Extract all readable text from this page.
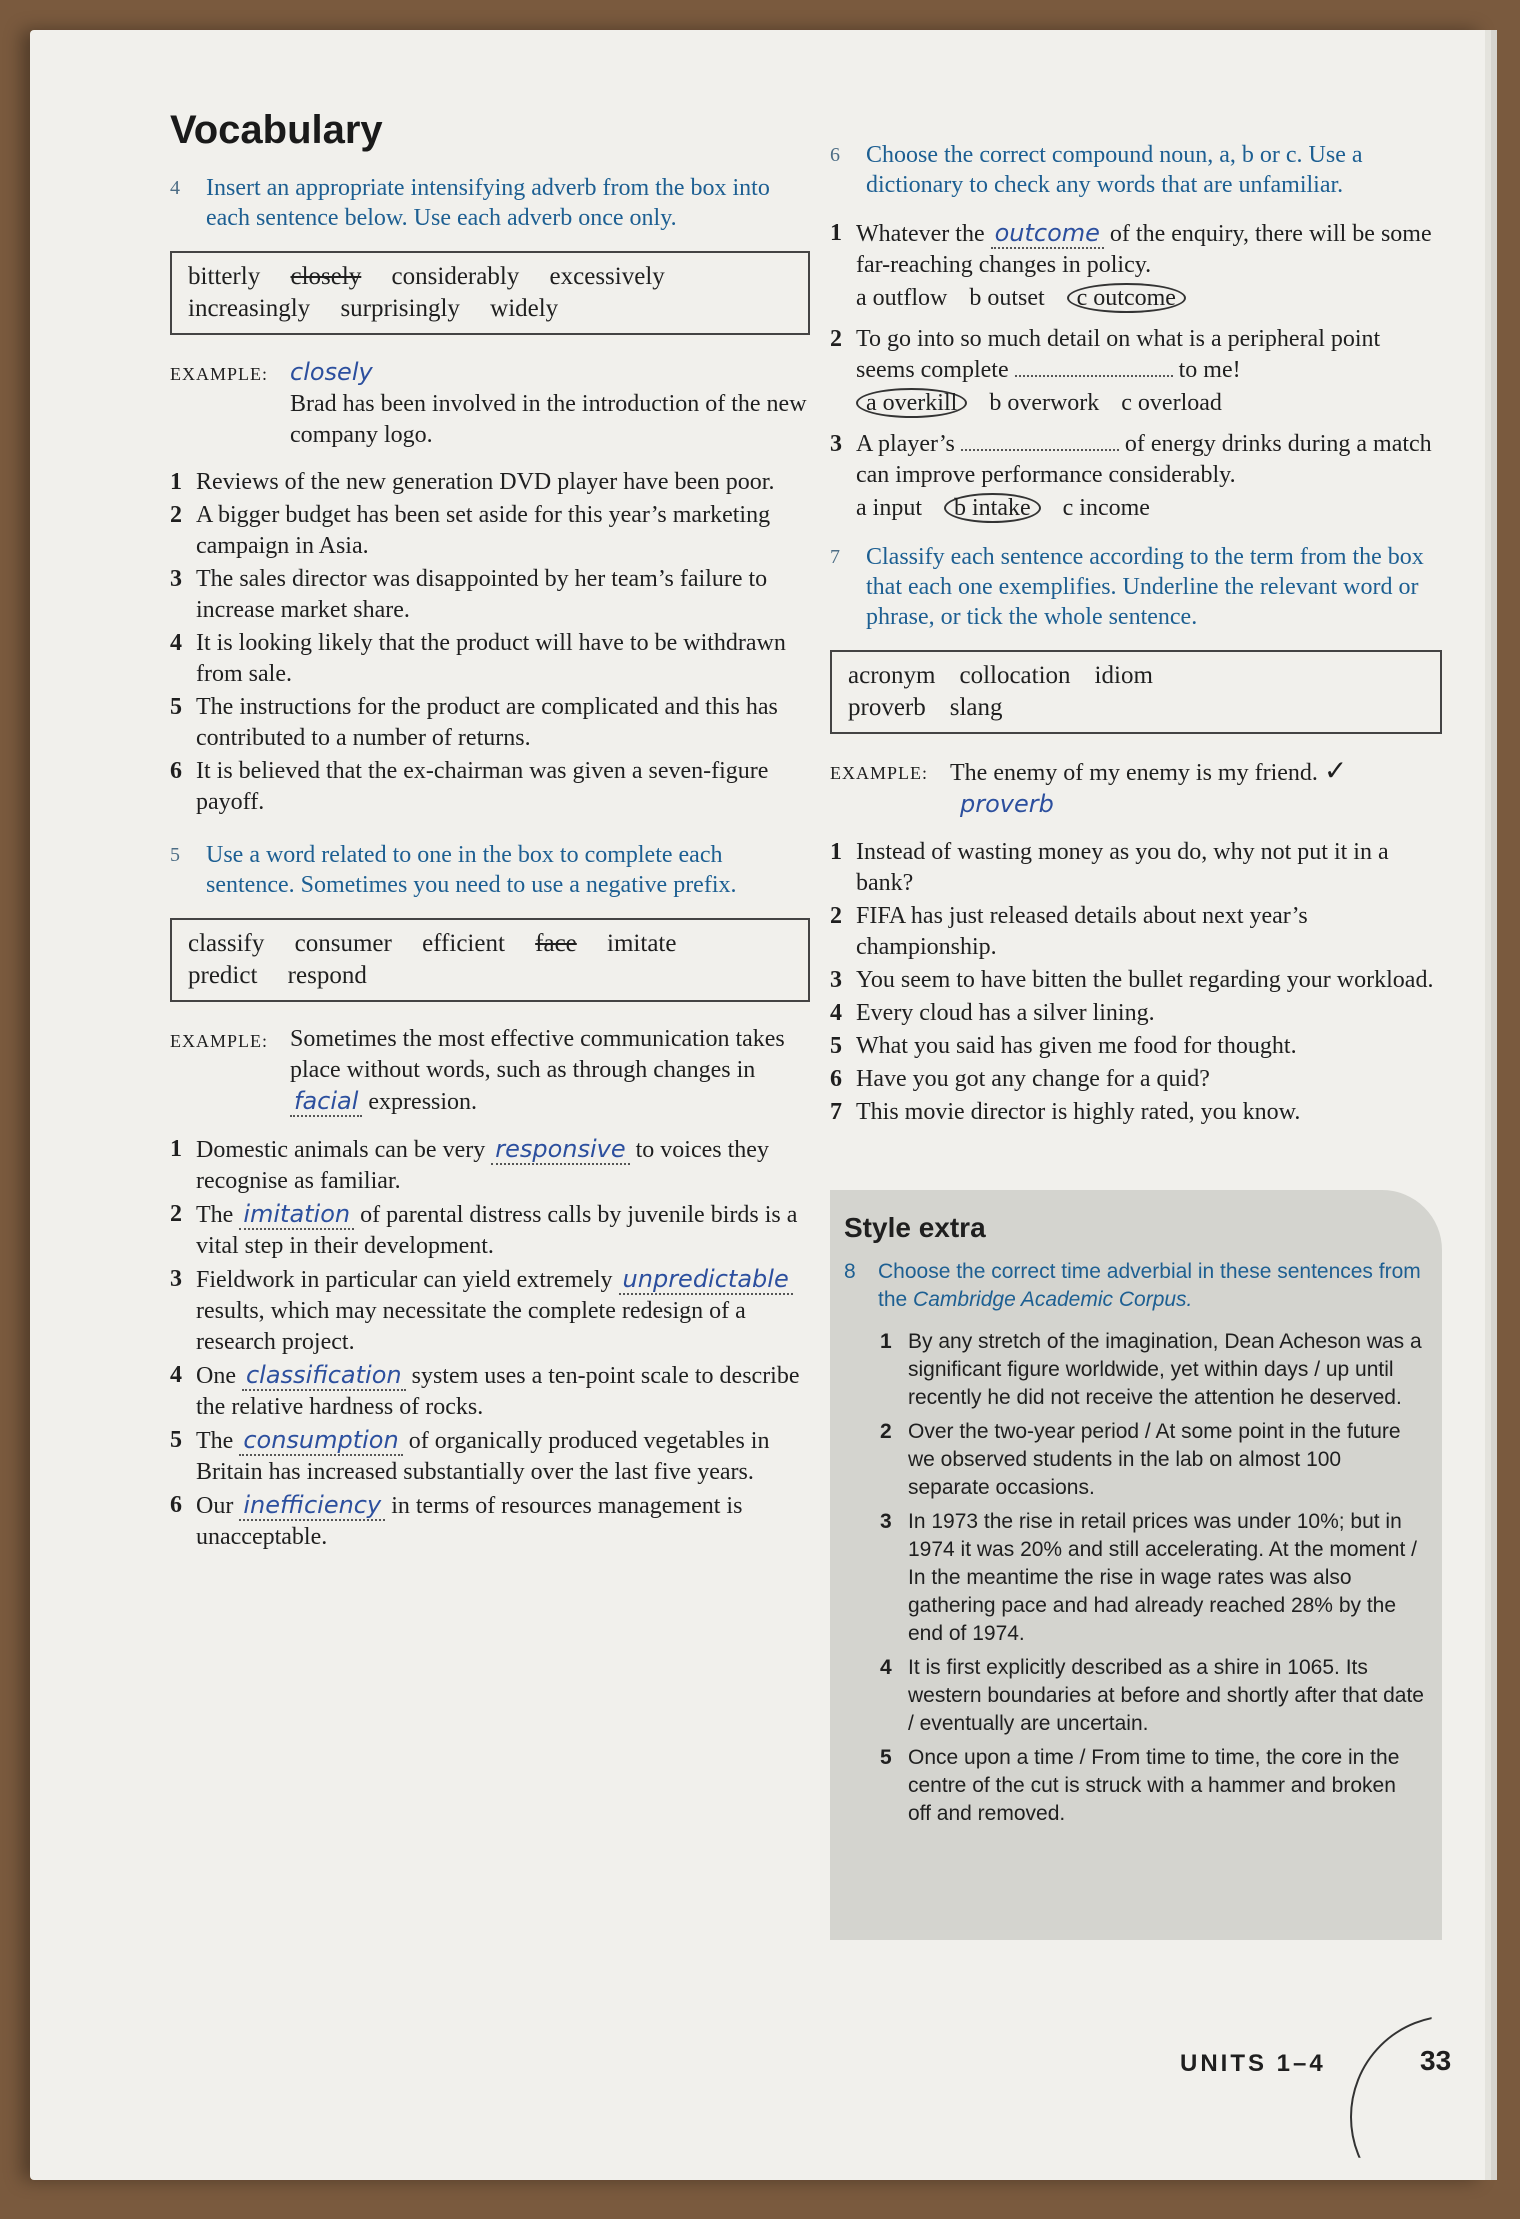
Vocabulary
4 Insert an appropriate intensifying adverb from the box into each sentence below. Use each adverb once only.
bitterly closely considerably excessively
increasingly surprisingly widely
EXAMPLE: closely
Brad has been involved in the introduction of the new company logo.
1 Reviews of the new generation DVD player have been poor.
2 A bigger budget has been set aside for this year’s marketing campaign in Asia.
3 The sales director was disappointed by her team’s failure to increase market share.
4 It is looking likely that the product will have to be withdrawn from sale.
5 The instructions for the product are complicated and this has contributed to a number of returns.
6 It is believed that the ex-chairman was given a seven-figure payoff.
5 Use a word related to one in the box to complete each sentence. Sometimes you need to use a negative prefix.
classify consumer efficient face imitate
predict respond
EXAMPLE: Sometimes the most effective communication takes place without words, such as through changes in facial expression.
1 Domestic animals can be very responsive to voices they recognise as familiar.
2 The imitation of parental distress calls by juvenile birds is a vital step in their development.
3 Fieldwork in particular can yield extremely unpredictable results, which may necessitate the complete redesign of a research project.
4 One classification system uses a ten-point scale to describe the relative hardness of rocks.
5 The consumption of organically produced vegetables in Britain has increased substantially over the last five years.
6 Our inefficiency in terms of resources management is unacceptable.
6 Choose the correct compound noun, a, b or c. Use a dictionary to check any words that are unfamiliar.
1 Whatever the outcome of the enquiry, there will be some far-reaching changes in policy.
a outflow b outset c outcome
2 To go into so much detail on what is a peripheral point seems complete	to me!
a overkill b overwork c overload
3 A player’s	of energy drinks during a match can improve performance considerably.
a input b intake c income
7 Classify each sentence according to the term from the box that each one exemplifies. Underline the relevant word or phrase, or tick the whole sentence.
acronym collocation idiom
proverb slang
EXAMPLE: The enemy of my enemy is my friend. ✓
proverb
1 Instead of wasting money as you do, why not put it in a bank?
2 FIFA has just released details about next year’s championship.
3 You seem to have bitten the bullet regarding your workload.
4 Every cloud has a silver lining.
5 What you said has given me food for thought.
6 Have you got any change for a quid?
7 This movie director is highly rated, you know.
Style extra
8 Choose the correct time adverbial in these sentences from the Cambridge Academic Corpus.
1 By any stretch of the imagination, Dean Acheson was a significant figure worldwide, yet within days / up until recently he did not receive the attention he deserved.
2 Over the two-year period / At some point in the future we observed students in the lab on almost 100 separate occasions.
3 In 1973 the rise in retail prices was under 10%; but in 1974 it was 20% and still accelerating. At the moment / In the meantime the rise in wage rates was also gathering pace and had already reached 28% by the end of 1974.
4 It is first explicitly described as a shire in 1065. Its western boundaries at before and shortly after that date / eventually are uncertain.
5 Once upon a time / From time to time, the core in the centre of the cut is struck with a hammer and broken off and removed.
UNITS 1–4	33
